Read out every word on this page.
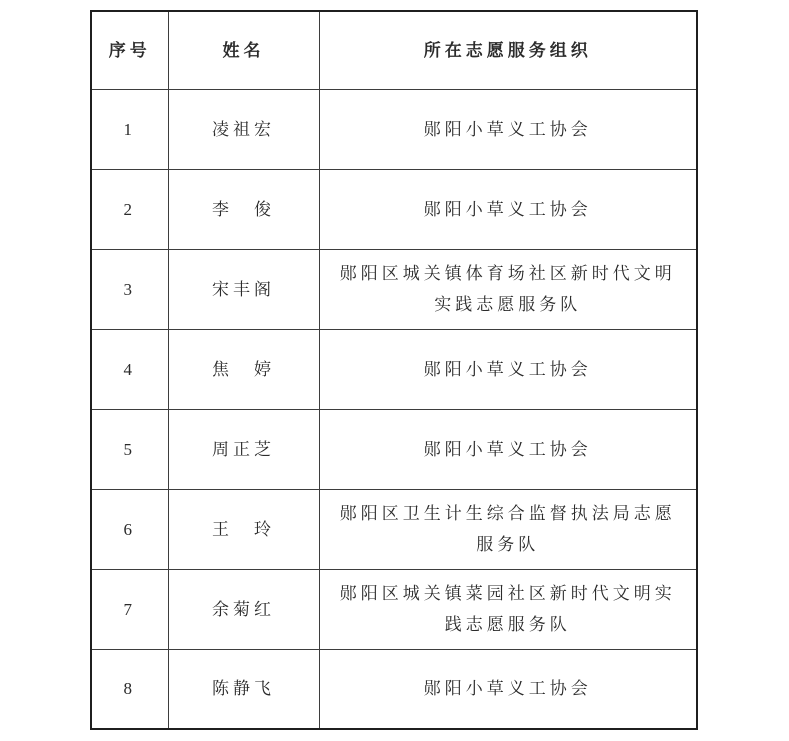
序号	姓名	所在志愿服务组织
1	凌祖宏	郧阳小草义工协会
2	李　俊	郧阳小草义工协会
3	宋丰阁	郧阳区城关镇体育场社区新时代文明实践志愿服务队
4	焦　婷	郧阳小草义工协会
5	周正芝	郧阳小草义工协会
6	王　玲	郧阳区卫生计生综合监督执法局志愿服务队
7	余菊红	郧阳区城关镇菜园社区新时代文明实践志愿服务队
8	陈静飞	郧阳小草义工协会
